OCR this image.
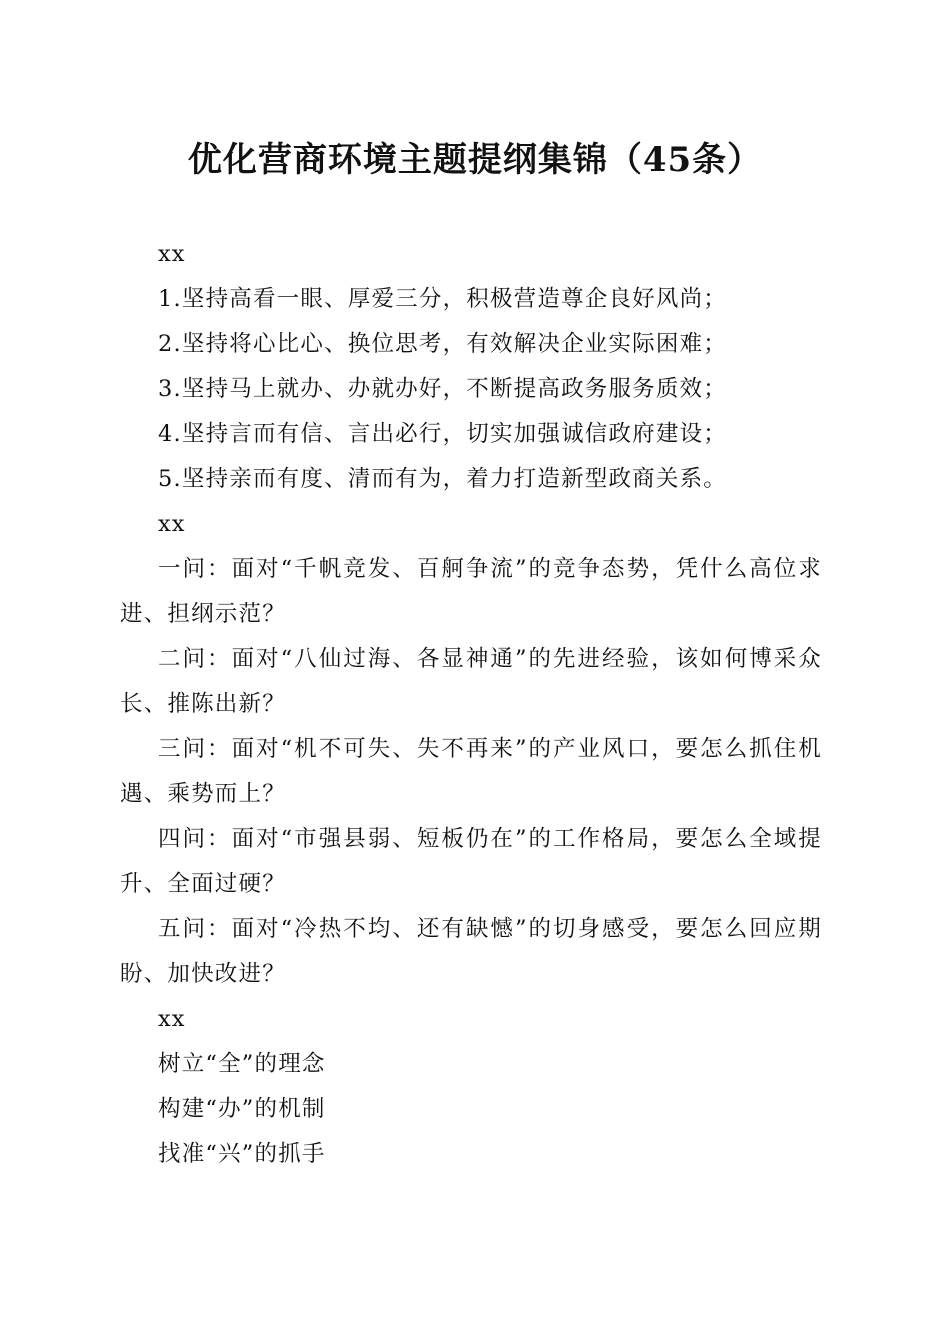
优化营商环境主题提纲集锦（45条）

xx

1.坚持高看一眼、厚爱三分，积极营造尊企良好风尚；

2.坚持将心比心、换位思考，有效解决企业实际困难；

3.坚持马上就办、办就办好，不断提高政务服务质效；

4.坚持言而有信、言出必行，切实加强诚信政府建设；

5.坚持亲而有度、清而有为，着力打造新型政商关系。

xx

一问：面对“千帆竞发、百舸争流”的竞争态势，凭什么高位求进、担纲示范？

二问：面对“八仙过海、各显神通”的先进经验，该如何博采众长、推陈出新？

三问：面对“机不可失、失不再来”的产业风口，要怎么抓住机遇、乘势而上？

四问：面对“市强县弱、短板仍在”的工作格局，要怎么全域提升、全面过硬？

五问：面对“冷热不均、还有缺憾”的切身感受，要怎么回应期盼、加快改进？

xx

树立“全”的理念

构建“办”的机制

找准“兴”的抓手
